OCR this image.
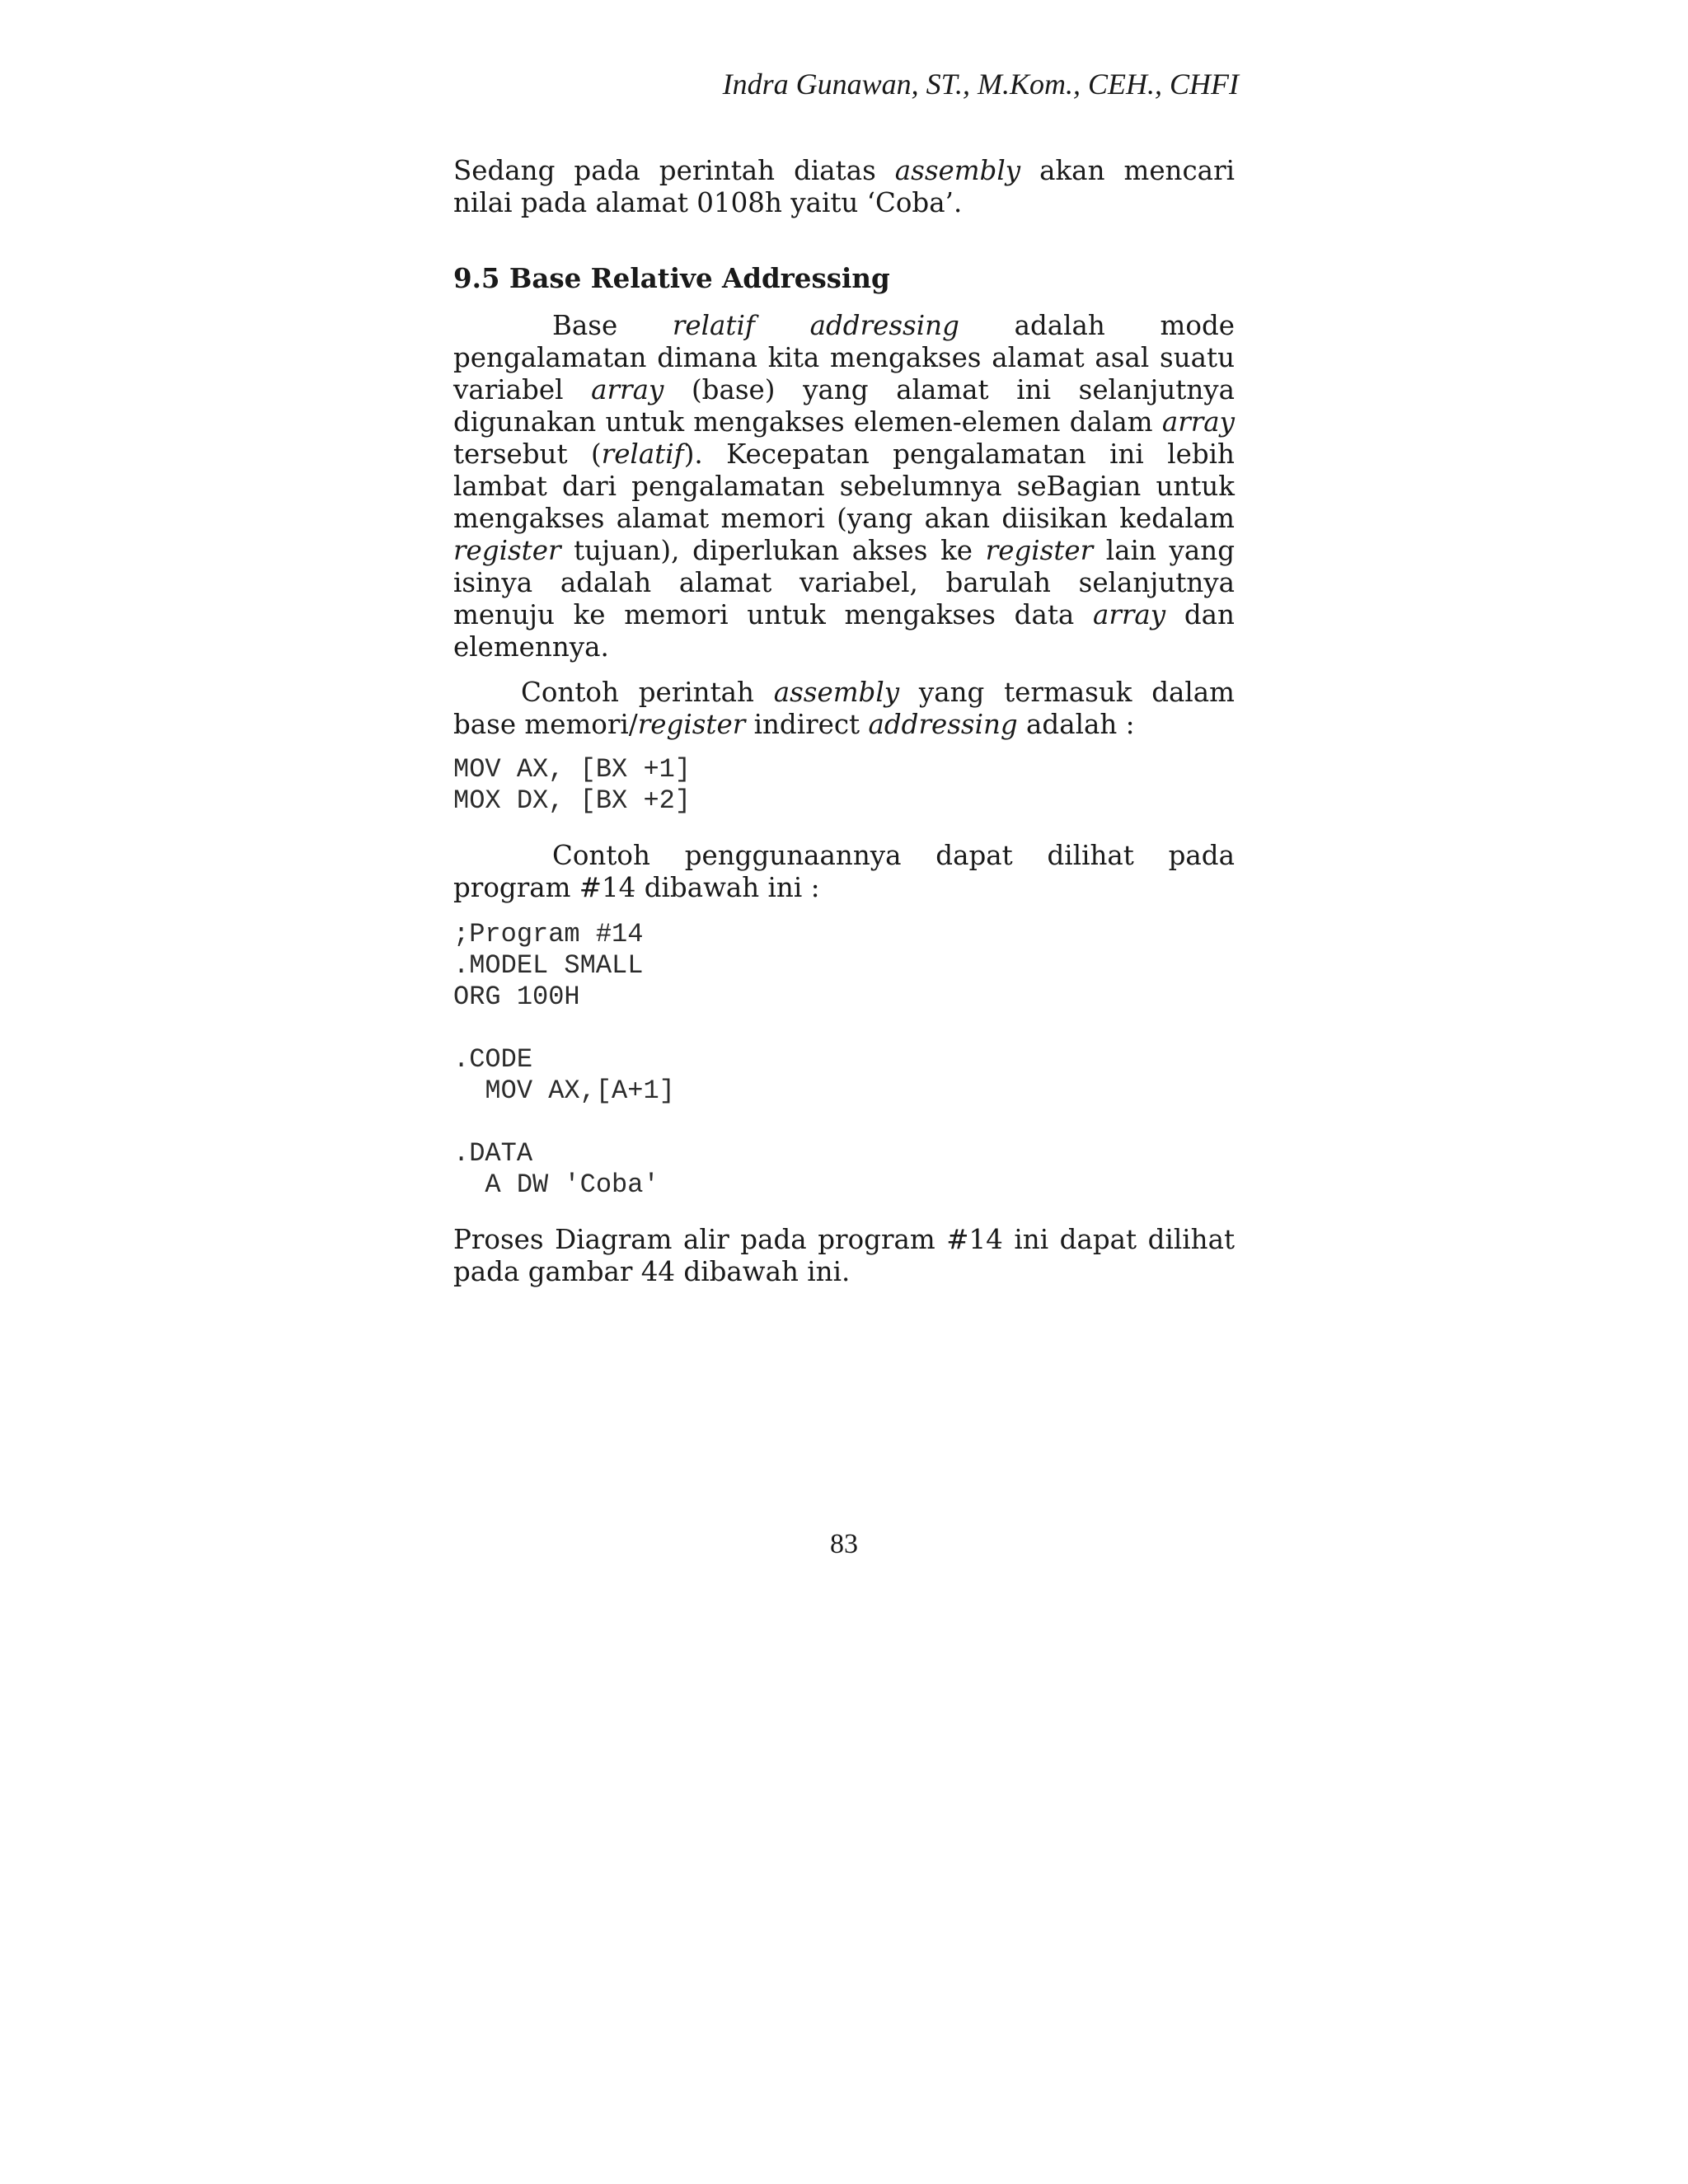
Indra Gunawan, ST., M.Kom., CEH., CHFI

Sedang pada perintah diatas assembly akan mencari nilai pada alamat 0108h yaitu ‘Coba’.

9.5 Base Relative Addressing

Base relatif addressing adalah mode pengalamatan dimana kita mengakses alamat asal suatu variabel array (base) yang alamat ini selanjutnya digunakan untuk mengakses elemen-elemen dalam array tersebut (relatif). Kecepatan pengalamatan ini lebih lambat dari pengalamatan sebelumnya seBagian untuk mengakses alamat memori (yang akan diisikan kedalam register tujuan), diperlukan akses ke register lain yang isinya adalah alamat variabel, barulah selanjutnya menuju ke memori untuk mengakses data array dan elemennya.

Contoh perintah assembly yang termasuk dalam base memori/register indirect addressing adalah :

MOV AX, [BX +1]
MOX DX, [BX +2]

Contoh penggunaannya dapat dilihat pada program #14 dibawah ini :

;Program #14
.MODEL SMALL
ORG 100H

.CODE
MOV AX,[A+1]

.DATA
A DW 'Coba'

Proses Diagram alir pada program #14 ini dapat dilihat pada gambar 44 dibawah ini.

83
